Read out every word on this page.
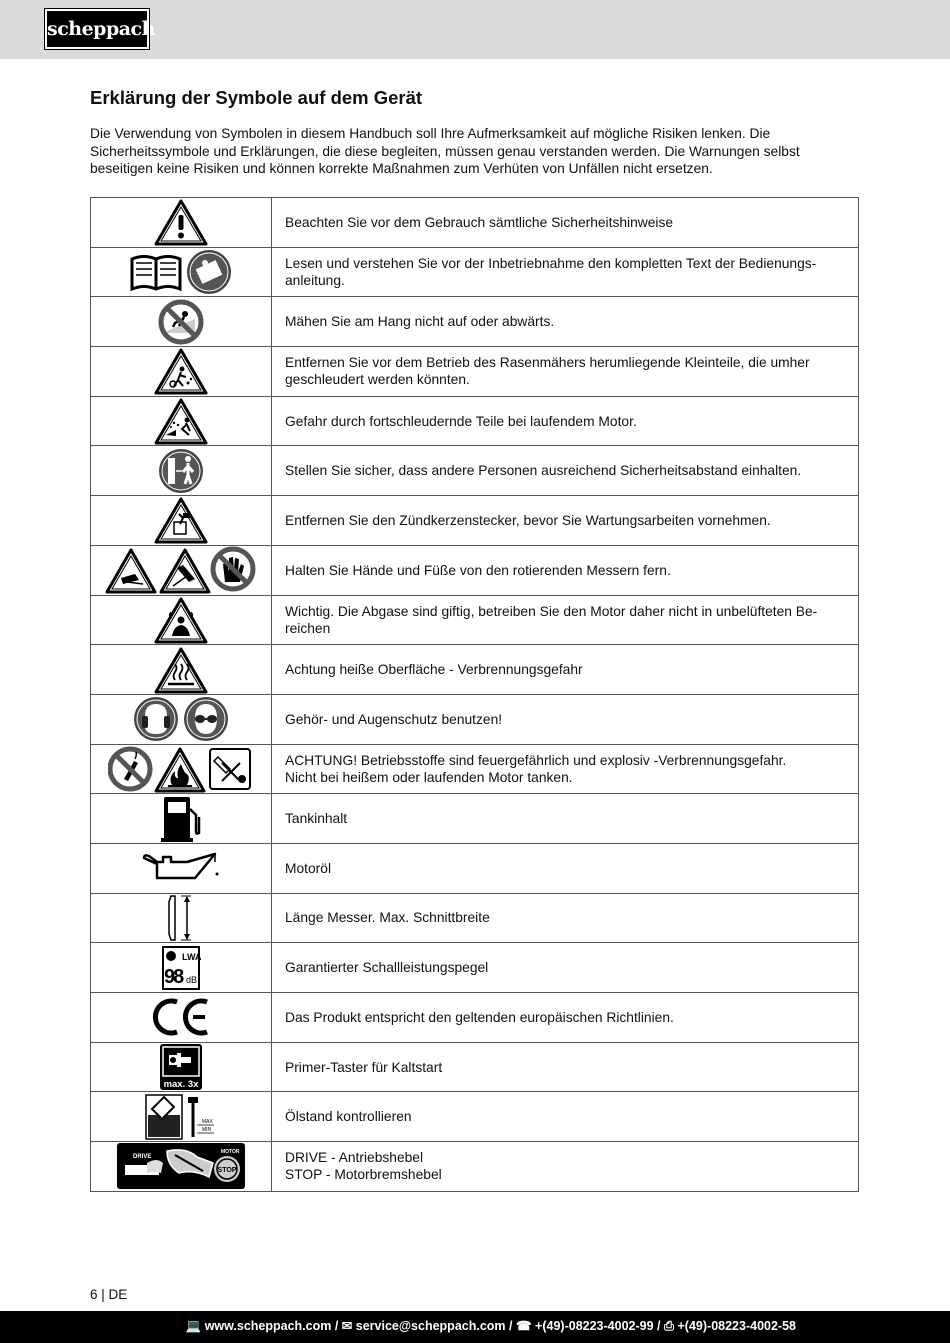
scheppach
Erklärung der Symbole auf dem Gerät

Die Verwendung von Symbolen in diesem Handbuch soll Ihre Aufmerksamkeit auf mögliche Risiken lenken. Die Sicherheitssymbole und Erklärungen, die diese begleiten, müssen genau verstanden werden. Die Warnungen selbst beseitigen keine Risiken und können korrekte Maßnahmen zum Verhüten von Unfällen nicht ersetzen.

	Beachten Sie vor dem Gebrauch sämtliche Sicherheitshinweise
	Lesen und verstehen Sie vor der Inbetriebnahme den kompletten Text der Bedienungs-
anleitung.
	Mähen Sie am Hang nicht auf oder abwärts.
	Entfernen Sie vor dem Betrieb des Rasenmähers herumliegende Kleinteile, die umher
geschleudert werden könnten.
	Gefahr durch fortschleudernde Teile bei laufendem Motor.
	Stellen Sie sicher, dass andere Personen ausreichend Sicherheitsabstand einhalten.
	Entfernen Sie den Zündkerzenstecker, bevor Sie Wartungsarbeiten vornehmen.
	Halten Sie Hände und Füße von den rotierenden Messern fern.
	Wichtig. Die Abgase sind giftig, betreiben Sie den Motor daher nicht in unbelüfteten Be-
reichen
	Achtung heiße Oberfläche - Verbrennungsgefahr
	Gehör- und Augenschutz benutzen!
	ACHTUNG! Betriebsstoffe sind feuergefährlich und explosiv -Verbrennungsgefahr.
Nicht bei heißem oder laufenden Motor tanken.
	Tankinhalt
	Motoröl
	Länge Messer. Max. Schnittbreite

LWA
98 dB	Garantierter Schallleistungspegel
	Das Produkt entspricht den geltenden europäischen Richtlinien.

max. 3x	Primer-Taster für Kaltstart

MAX
MIN	Ölstand kontrollieren

DRIVE
MOTOR
STOP	DRIVE - Antriebshebel
STOP - Motorbremshebel
6 | DE
💻 www.scheppach.com / ✉ service@scheppach.com / ☎ +(49)-08223-4002-99 / ⎙ +(49)-08223-4002-58
